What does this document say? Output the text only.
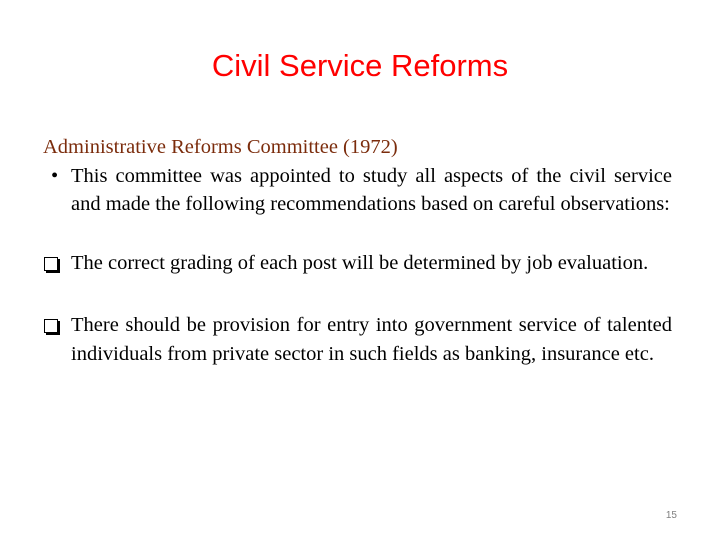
Civil Service Reforms
Administrative Reforms Committee (1972)
• This committee was appointed to study all aspects of the civil service and made the following recommendations based on careful observations:
The correct grading of each post will be determined by job evaluation.
There should be provision for entry into government service of talented individuals from private sector in such fields as banking, insurance etc.
15
